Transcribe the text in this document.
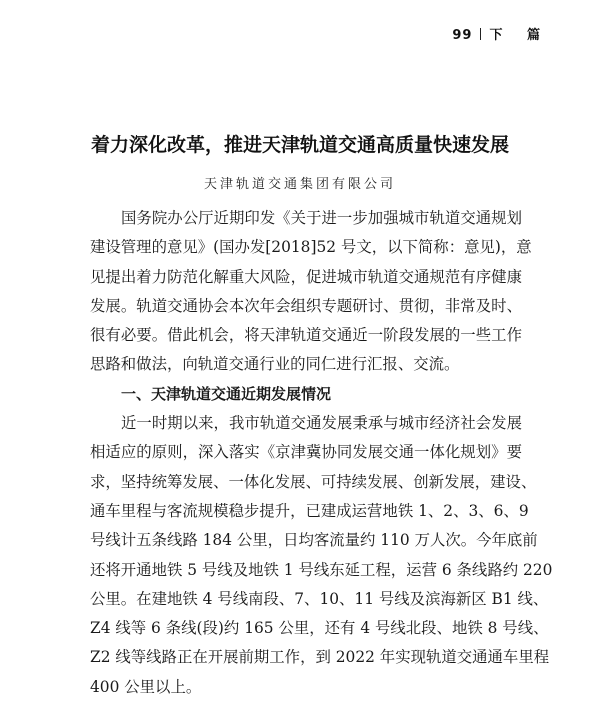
99 下 篇
着力深化改革，推进天津轨道交通高质量快速发展
天津轨道交通集团有限公司
国务院办公厅近期印发《关于进一步加强城市轨道交通规划
建设管理的意见》(国办发[2018]52 号文，以下简称：意见)，意
见提出着力防范化解重大风险，促进城市轨道交通规范有序健康
发展。轨道交通协会本次年会组织专题研讨、贯彻，非常及时、
很有必要。借此机会，将天津轨道交通近一阶段发展的一些工作
思路和做法，向轨道交通行业的同仁进行汇报、交流。
一、天津轨道交通近期发展情况
近一时期以来，我市轨道交通发展秉承与城市经济社会发展
相适应的原则，深入落实《京津冀协同发展交通一体化规划》要
求，坚持统筹发展、一体化发展、可持续发展、创新发展，建设、
通车里程与客流规模稳步提升，已建成运营地铁 1、2、3、6、9
号线计五条线路 184 公里，日均客流量约 110 万人次。今年底前
还将开通地铁 5 号线及地铁 1 号线东延工程，运营 6 条线路约 220
公里。在建地铁 4 号线南段、7、10、11 号线及滨海新区 B1 线、
Z4 线等 6 条线(段)约 165 公里，还有 4 号线北段、地铁 8 号线、
Z2 线等线路正在开展前期工作，到 2022 年实现轨道交通通车里程
400 公里以上。
